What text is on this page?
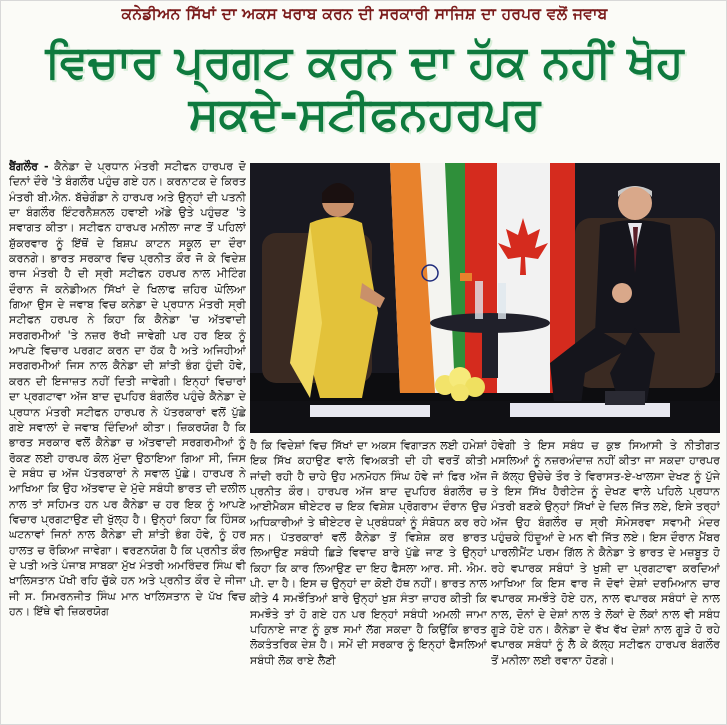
ਕਨੇਡੀਅਨ ਸਿੱਖਾਂ ਦਾ ਅਕਸ ਖਰਾਬ ਕਰਨ ਦੀ ਸਰਕਾਰੀ ਸਾਜਿਸ਼ ਦਾ ਹਰਪਰ ਵਲੋਂ ਜਵਾਬ
ਵਿਚਾਰ ਪ੍ਰਗਟ ਕਰਨ ਦਾ ਹੱਕ ਨਹੀਂ ਖੋਹ ਸਕਦੇ-ਸਟੀਫਨਹਰਪਰ
ਬੈਂਗਲੌਰ - ਕੈਨੇਡਾ ਦੇ ਪ੍ਰਧਾਨ ਮੰਤਰੀ ਸਟੀਫਨ ਹਾਰਪਰ ਦੋ ਦਿਨਾਂ ਦੌਰੇ 'ਤੇ ਬੰਗਲੌਰ ਪਹੁੰਚ ਗਏ ਹਨ। ਕਰਨਾਟਕ ਦੇ ਕਿਰਤ ਮੰਤਰੀ ਬੀ.ਐਨ. ਬੱਚੇਗੌਡਾ ਨੇ ਹਾਰਪਰ ਅਤੇ ਉਨ੍ਹਾਂ ਦੀ ਪਤਨੀ ਦਾ ਬੰਗਲੌਰ ਇੰਟਰਨੈਸ਼ਨਲ ਹਵਾਈ ਅੱਡੇ ਉਤੇ ਪਹੁੰਚਣ 'ਤੇ ਸਵਾਗਤ ਕੀਤਾ। ਸਟੀਫਨ ਹਾਰਪਰ ਮਨੀਲਾ ਜਾਣ ਤੋਂ ਪਹਿਲਾਂ ਸ਼ੁੱਕਰਵਾਰ ਨੂੰ ਇੱਥੋਂ ਦੇ ਬਿਸ਼ਪ ਕਾਟਨ ਸਕੂਲ ਦਾ ਦੌਰਾ ਕਰਨਗੇ। ਭਾਰਤ ਸਰਕਾਰ ਵਿਚ ਪ੍ਰਨੀਤ ਕੌਰ ਜੋ ਕੇ ਵਿਦੇਸ਼ ਰਾਜ ਮੰਤਰੀ ਹੈ ਦੀ ਸ੍ਰੀ ਸਟੀਫਨ ਹਰਪਰ ਨਾਲ ਮੀਟਿੰਗ ਦੌਰਾਨ ਜੋ ਕਨੇਡੀਅਨ ਸਿੱਖਾਂ ਦੇ ਖਿਲਾਫ ਜ਼ਹਿਰ ਘੋਲਿਆ ਗਿਆ ਉਸ ਦੇ ਜਵਾਬ ਵਿਚ ਕਨੇਡਾ ਦੇ ਪ੍ਰਧਾਨ ਮੰਤਰੀ ਸ੍ਰੀ ਸਟੀਫਨ ਹਰਪਰ ਨੇ ਕਿਹਾ ਕਿ ਕੈਨੇਡਾ 'ਚ ਅੱਤਵਾਦੀ ਸਰਗਰਮੀਆਂ 'ਤੇ ਨਜ਼ਰ ਰੱਖੀ ਜਾਵੇਗੀ ਪਰ ਹਰ ਇਕ ਨੂੰ ਆਪਣੇ ਵਿਚਾਰ ਪਰਗਟ ਕਰਨ ਦਾ ਹੱਕ ਹੈ ਅਤੇ ਅਜਿਹੀਆਂ ਸਰਗਰਮੀਆਂ ਜਿਸ ਨਾਲ ਕੈਨੇਡਾ ਦੀ ਸ਼ਾਂਤੀ ਭੰਗ ਹੁੰਦੀ ਹੋਵੇ, ਕਰਨ ਦੀ ਇਜਾਜ਼ਤ ਨਹੀਂ ਦਿਤੀ ਜਾਵੇਗੀ। ਇਨ੍ਹਾਂ ਵਿਚਾਰਾਂ ਦਾ ਪ੍ਰਗਟਾਵਾ ਅੱਜ ਬਾਦ ਦੁਪਹਿਰ ਬੰਗਲੌਰ ਪਹੁੰਚੇ ਕੈਨੇਡਾ ਦੇ ਪ੍ਰਧਾਨ ਮੰਤਰੀ ਸਟੀਫਨ ਹਾਰਪਰ ਨੇ ਪੱਤਰਕਾਰਾਂ ਵਲੋਂ ਪੁੱਛੇ ਗਏ ਸਵਾਲਾਂ ਦੇ ਜਵਾਬ ਦਿੰਦਿਆਂ ਕੀਤਾ। ਜ਼ਿਕਰਯੋਗ ਹੈ ਕਿ ਭਾਰਤ ਸਰਕਾਰ ਵਲੋਂ ਕੈਨੇਡਾ ਚ ਅੱਤਵਾਦੀ ਸਰਗਰਮੀਆਂ ਨੂੰ ਰੋਕਣ ਲਈ ਹਾਰਪਰ ਕੋਲ ਮੁੱਦਾ ਉਠਾਇਆ ਗਿਆ ਸੀ, ਜਿਸ ਦੇ ਸਬੰਧ ਚ ਅੱਜ ਪੱਤਰਕਾਰਾਂ ਨੇ ਸਵਾਲ ਪੁੱਛੇ। ਹਾਰਪਰ ਨੇ ਆਖਿਆ ਕਿ ਉਹ ਅੱਤਵਾਦ ਦੇ ਮੁੱਦੇ ਸਬੰਧੀ ਭਾਰਤ ਦੀ ਦਲੀਲ ਨਾਲ ਤਾਂ ਸਹਿਮਤ ਹਨ ਪਰ ਕੈਨੇਡਾ ਚ ਹਰ ਇਕ ਨੂੰ ਆਪਣੇ ਵਿਚਾਰ ਪ੍ਰਗਟਾਉਣ ਦੀ ਖੁੱਲ੍ਹ ਹੈ। ਉਨ੍ਹਾਂ ਕਿਹਾ ਕਿ ਹਿੰਸਕ ਘਟਨਾਵਾਂ ਜਿਨਾਂ ਨਾਲ ਕੈਨੇਡਾ ਦੀ ਸ਼ਾਂਤੀ ਭੰਗ ਹੋਵੇ, ਨੂੰ ਹਰ ਹਾਲਤ ਚ ਰੋਕਿਆ ਜਾਵੇਗਾ। ਵਰਣਨਯੋਗ ਹੈ ਕਿ ਪ੍ਰਨੀਤ ਕੌਰ ਦੇ ਪਤੀ ਅਤੇ ਪੰਜਾਬ ਸਾਬਕਾ ਮੁੱਖ ਮੰਤਰੀ ਅਮਰਿੰਦਰ ਸਿੰਘ ਵੀ ਖਾਲਿਸਤਾਨ ਪੱਖੀ ਰਹਿ ਚੁੱਕੇ ਹਨ ਅਤੇ ਪ੍ਰਨੀਤ ਕੌਰ ਦੇ ਜੀਜਾ ਜੀ ਸ. ਸਿਮਰਨਜੀਤ ਸਿੰਘ ਮਾਨ ਖਾਲਿਸਤਾਨ ਦੇ ਪੱਖ ਵਿਚ ਹਨ। ਇੱਥੇ ਵੀ ਜ਼ਿਕਰਯੋਗ
ਹੈ ਕਿ ਵਿਦੇਸ਼ਾਂ ਵਿਚ ਸਿੱਖਾਂ ਦਾ ਅਕਸ ਵਿਗਾੜਨ ਲਈ ਹਮੇਸ਼ਾਂ ਇਕ ਸਿੱਖ ਕਹਾਉਣ ਵਾਲੇ ਵਿਅਕਤੀ ਦੀ ਹੀ ਵਰਤੋਂ ਕੀਤੀ ਜਾਂਦੀ ਰਹੀ ਹੈ ਚਾਹੇ ਉਹ ਮਨਮੋਹਨ ਸਿੰਘ ਹੋਵੇ ਜਾਂ ਫਿਰ ਅੱਜ ਪ੍ਰਨੀਤ ਕੌਰ। ਹਾਰਪਰ ਅੱਜ ਬਾਦ ਦੁਪਹਿਰ ਬੰਗਲੌਰ ਚ ਆਈਮੈਕਸ ਥੀਏਟਰ ਚ ਇਕ ਵਿਸ਼ੇਸ਼ ਪ੍ਰੋਗਰਾਮ ਦੌਰਾਨ ਉਚ ਅਧਿਕਾਰੀਆਂ ਤੇ ਥੀਏਟਰ ਦੇ ਪ੍ਰਬੰਧਕਾਂ ਨੂੰ ਸੰਬੋਧਨ ਕਰ ਰਹੇ ਸਨ। ਪੱਤਰਕਾਰਾਂ ਵਲੋਂ ਕੈਨੇਡਾ ਤੋਂ ਵਿਸ਼ੇਸ਼ ਕਰ ਭਾਰਤ ਲਿਆਉਣ ਸਬੰਧੀ ਛਿੜੇ ਵਿਵਾਦ ਬਾਰੇ ਪੁੱਛੇ ਜਾਣ ਤੇ ਉਨ੍ਹਾਂ ਕਿਹਾ ਕਿ ਕਾਰ ਲਿਆਉਣ ਦਾ ਇਹ ਫੈਸਲਾ ਆਰ. ਸੀ. ਐਮ. ਪੀ. ਦਾ ਹੈ। ਇਸ ਚ ਉਨ੍ਹਾਂ ਦਾ ਕੋਈ ਹੱਥ ਨਹੀਂ। ਭਾਰਤ ਨਾਲ ਕੀਤੇ 4 ਸਮਝੌਤਿਆਂ ਬਾਰੇ ਉਨ੍ਹਾਂ ਖੁਸ਼ ਸੰਤਾ ਜ਼ਾਹਰ ਕੀਤੀ ਕਿ ਸਮਝੌਤੇ ਤਾਂ ਹੋ ਗਏ ਹਨ ਪਰ ਇਨ੍ਹਾਂ ਸਬੰਧੀ ਅਮਲੀ ਜਾਮਾ ਪਹਿਨਾਏ ਜਾਣ ਨੂੰ ਕੁਝ ਸਮਾਂ ਲੱਗ ਸਕਦਾ ਹੈ ਕਿਉਂਕਿ ਭਾਰਤ ਲੋਕਤੰਤਰਿਕ ਦੇਸ਼ ਹੈ। ਸਮੇਂ ਦੀ ਸਰਕਾਰ ਨੂੰ ਇਨ੍ਹਾਂ ਫੈਸਲਿਆਂ ਸਬੰਧੀ ਲੋਕ ਰਾਏ ਲੈਣੀ
ਹੋਵੇਗੀ ਤੇ ਇਸ ਸਬੰਧ ਚ ਕੁਝ ਸਿਆਸੀ ਤੇ ਨੀਤੀਗਤ ਮਸਲਿਆਂ ਨੂੰ ਨਜ਼ਰਅੰਦਾਜ਼ ਨਹੀਂ ਕੀਤਾ ਜਾ ਸਕਦਾ ਹਾਰਪਰ ਜੋ ਕੱਲ੍ਹ ਉਚੇਚੇ ਤੌਰ ਤੇ ਵਿਰਾਸਤ-ਏ-ਖਾਲਸਾ ਦੇਖਣ ਨੂੰ ਪੁੱਜੇ ਤੇ ਇਸ ਸਿੱਖ ਹੈਰੀਟੇਜ ਨੂੰ ਦੇਖਣ ਵਾਲੇ ਪਹਿਲੇ ਪ੍ਰਧਾਨ ਮੰਤਰੀ ਬਣਕੇ ਉਨ੍ਹਾਂ ਸਿੱਖਾਂ ਦੇ ਦਿਲ ਜਿੱਤ ਲਏ, ਇਸੇ ਤਰ੍ਹਾਂ ਅੱਜ ਉਹ ਬੰਗਲੌਰ ਚ ਸ੍ਰੀ ਸੋਮੇਸਰਵਾ ਸਵਾਮੀ ਮੰਦਰ ਪਹੁੰਚਕੇ ਹਿੰਦੂਆਂ ਦੇ ਮਨ ਵੀ ਜਿੱਤ ਲਏ। ਇਸ ਦੌਰਾਨ ਮੈਂਬਰ ਪਾਰਲੀਮੈਂਟ ਪਰਮ ਗਿੱਲ ਨੇ ਕੈਨੇਡਾ ਤੇ ਭਾਰਤ ਦੇ ਮਜ਼ਬੂਤ ਹੋ ਰਹੇ ਵਪਾਰਕ ਸਬੰਧਾਂ ਤੇ ਖੁਸ਼ੀ ਦਾ ਪ੍ਰਗਟਾਵਾ ਕਰਦਿਆਂ ਆਖਿਆ ਕਿ ਇਸ ਵਾਰ ਜੋ ਦੋਵਾਂ ਦੇਸ਼ਾਂ ਦਰਮਿਆਨ ਚਾਰ ਵਪਾਰਕ ਸਮਝੌਤੇ ਹੋਏ ਹਨ, ਨਾਲ ਵਪਾਰਕ ਸਬੰਧਾਂ ਦੇ ਨਾਲ ਨਾਲ, ਦੋਨਾਂ ਦੇ ਦੇਸ਼ਾਂ ਨਾਲ ਤੇ ਲੋਕਾਂ ਦੇ ਲੋਕਾਂ ਨਾਲ ਵੀ ਸਬੰਧ ਗੂੜੇ ਹੋਏ ਹਨ। ਕੈਨੇਡਾ ਦੇ ਵੱਖ ਵੱਖ ਦੇਸ਼ਾਂ ਨਾਲ ਗੂੜੇ ਹੋ ਰਹੇ ਵਪਾਰਕ ਸਬੰਧਾਂ ਨੂੰ ਲੈ ਕੇ ਕੱਲ੍ਹ ਸਟੀਫਨ ਹਾਰਪਰ ਬੰਗਲੌਰ ਤੋਂ ਮਨੀਲਾ ਲਈ ਰਵਾਨਾ ਹੋਣਗੇ।
